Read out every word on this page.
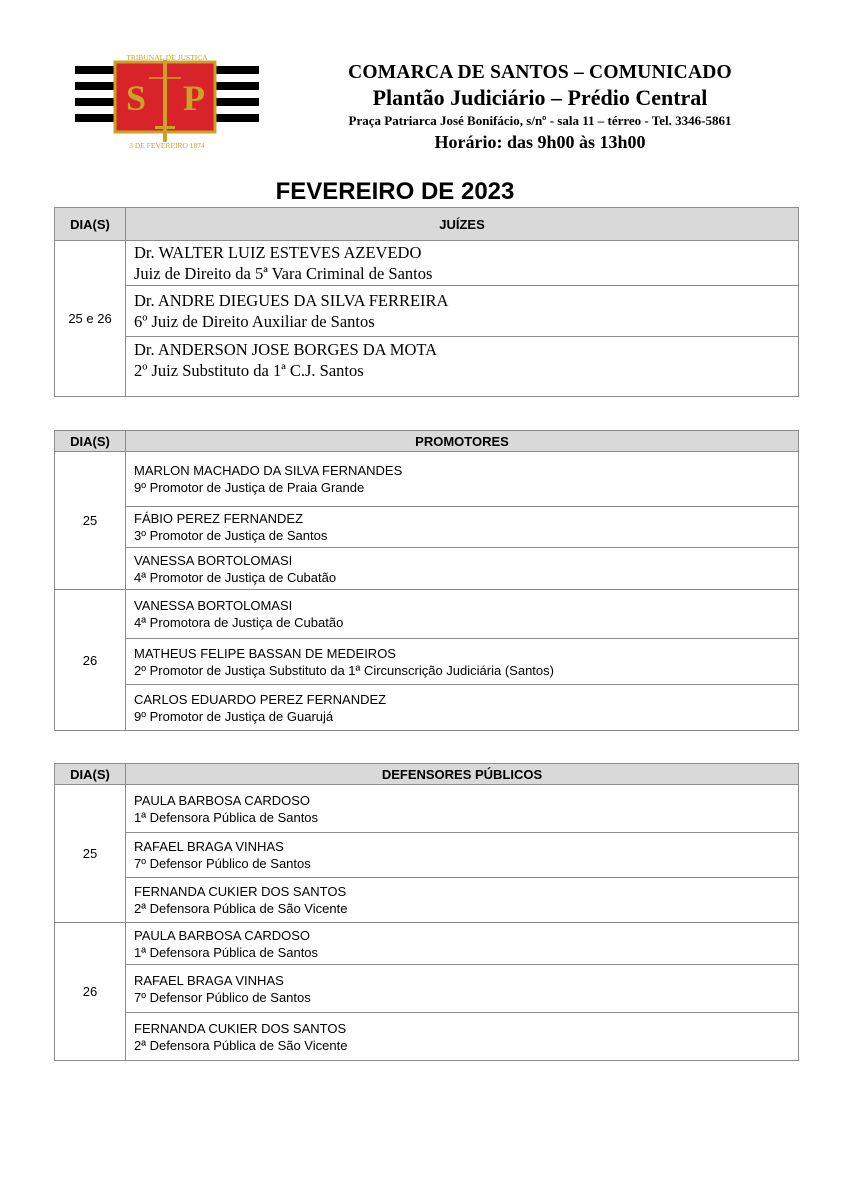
S P
TRIBUNAL DE JUSTIÇA
3 DE FEVEREIRO 1874
COMARCA DE SANTOS – COMUNICADO
Plantão Judiciário – Prédio Central
Praça Patriarca José Bonifácio, s/nº - sala 11 – térreo - Tel. 3346-5861
Horário: das 9h00 às 13h00
FEVEREIRO DE 2023
DIA(S)	JUÍZES
25 e 26	Dr. WALTER LUIZ ESTEVES AZEVEDO
Juiz de Direito da 5ª Vara Criminal de Santos

	Dr. ANDRE DIEGUES DA SILVA FERREIRA
6º Juiz de Direito Auxiliar de Santos

	Dr. ANDERSON JOSE BORGES DA MOTA
2º Juiz Substituto da 1ª C.J. Santos
DIA(S)	PROMOTORES
25	MARLON MACHADO DA SILVA FERNANDES
9º Promotor de Justiça de Praia Grande

	FÁBIO PEREZ FERNANDEZ
3º Promotor de Justiça de Santos

	VANESSA BORTOLOMASI
4ª Promotor de Justiça de Cubatão

26	VANESSA BORTOLOMASI
4ª Promotora de Justiça de Cubatão

	MATHEUS FELIPE BASSAN DE MEDEIROS
2º Promotor de Justiça Substituto da 1ª Circunscrição Judiciária (Santos)

	CARLOS EDUARDO PEREZ FERNANDEZ
9º Promotor de Justiça de Guarujá
DIA(S)	DEFENSORES PÚBLICOS
25	PAULA BARBOSA CARDOSO
1ª Defensora Pública de Santos

	RAFAEL BRAGA VINHAS
7º Defensor Público de Santos

	FERNANDA CUKIER DOS SANTOS
2ª Defensora Pública de São Vicente

26	PAULA BARBOSA CARDOSO
1ª Defensora Pública de Santos

	RAFAEL BRAGA VINHAS
7º Defensor Público de Santos

	FERNANDA CUKIER DOS SANTOS
2ª Defensora Pública de São Vicente
